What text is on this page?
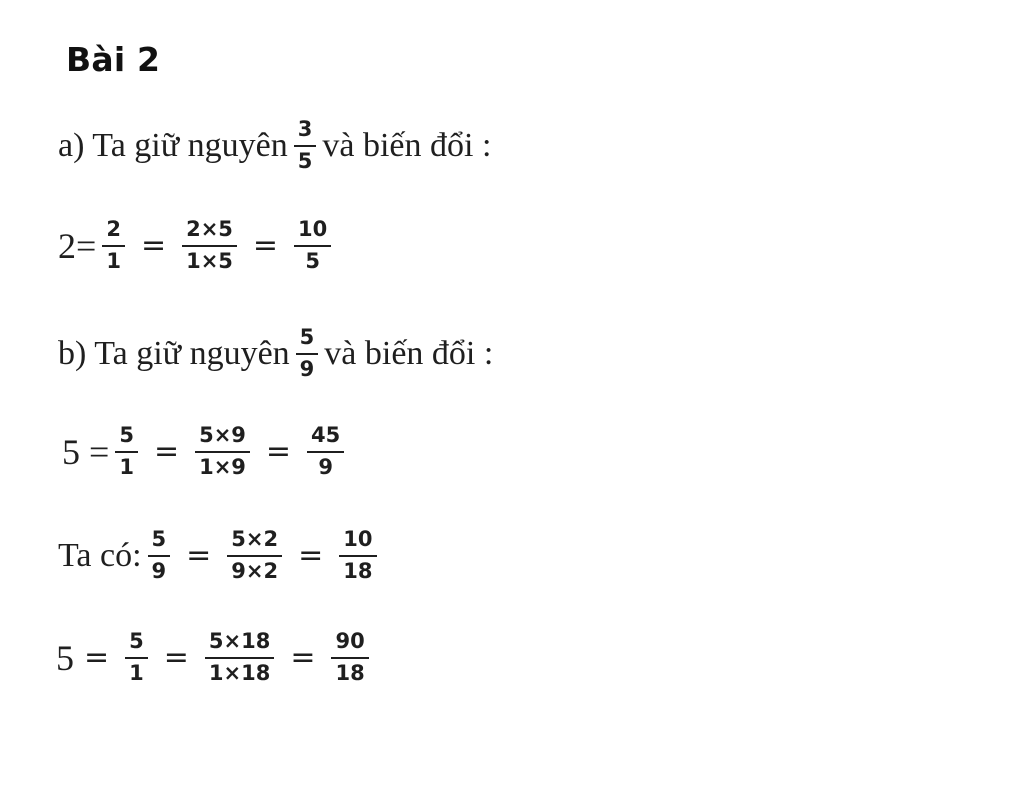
Bài 2
a) Ta giữ nguyên $\frac{3}{5}$ và biến đổi :
$2= \frac{2}{1} = \frac{2\times 5}{1\times 5} = \frac{10}{5}$
b) Ta giữ nguyên $\frac{5}{9}$ và biến đổi :
$5 = \frac{5}{1} = \frac{5\times 9}{1\times 9} = \frac{45}{9}$
Ta có: $\frac{5}{9} = \frac{5\times 2}{9\times 2} = \frac{10}{18}$
$5 = \frac{5}{1} = \frac{5\times 18}{1\times 18} = \frac{90}{18}$
